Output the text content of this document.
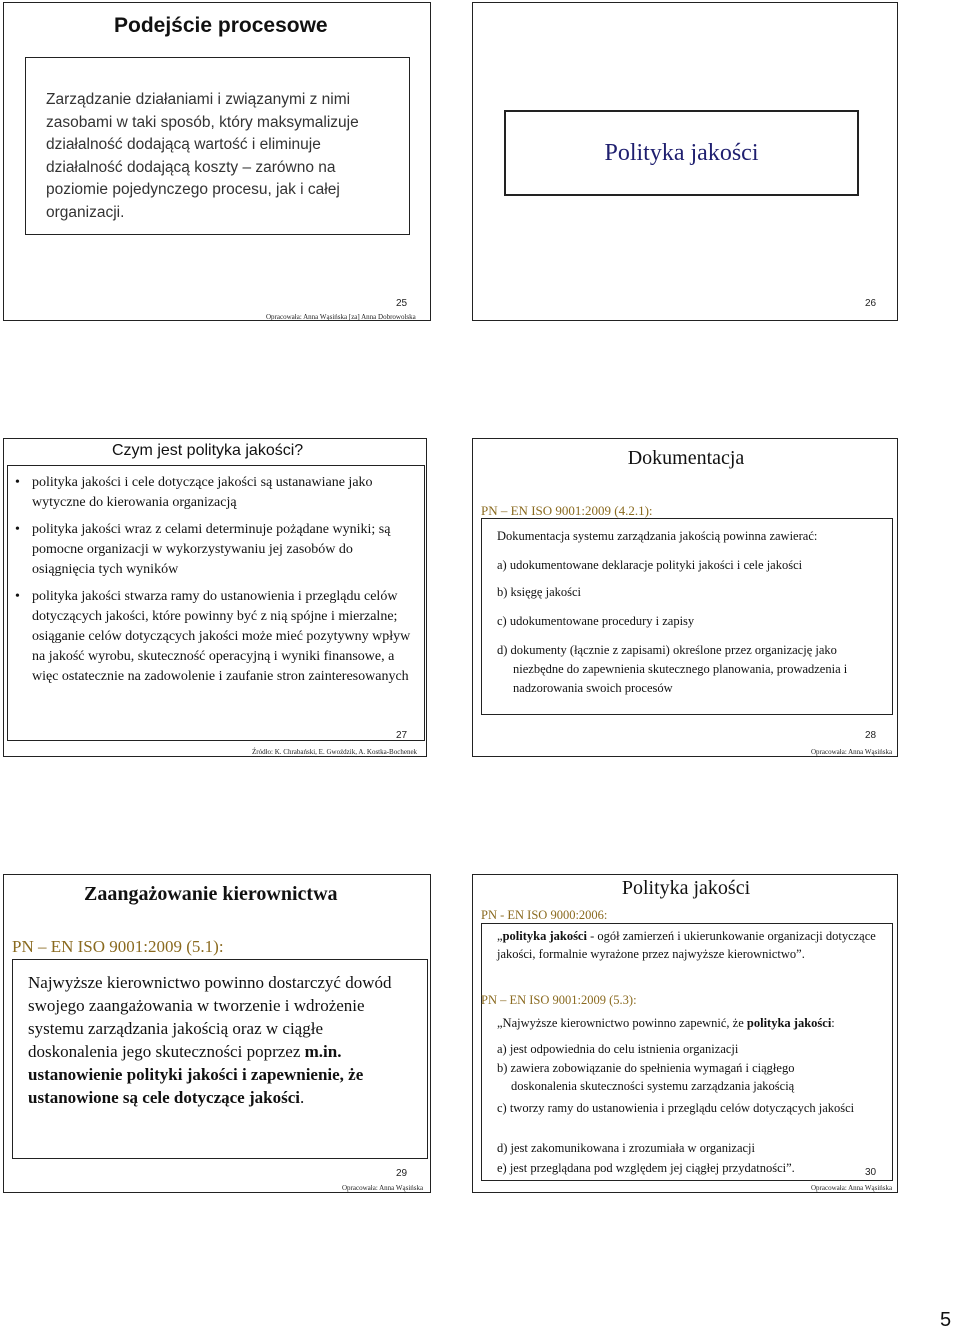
Podejście procesowe
Zarządzanie działaniami i związanymi z nimi zasobami w taki sposób, który maksymalizuje działalność dodającą wartość i eliminuje działalność dodającą koszty – zarówno na poziomie pojedynczego procesu, jak i całej organizacji.
25
Opracowała: Anna Wąsińska [za] Anna Dobrowolska
Polityka jakości
26
Czym jest polityka jakości?
• polityka jakości i cele dotyczące jakości są ustanawiane jako wytyczne do kierowania organizacją
• polityka jakości wraz z celami determinuje pożądane wyniki; są pomocne organizacji w wykorzystywaniu jej zasobów do osiągnięcia tych wyników
• polityka jakości stwarza ramy do ustanowienia i przeglądu celów dotyczących jakości, które powinny być z nią spójne i mierzalne; osiąganie celów dotyczących jakości może mieć pozytywny wpływ na jakość wyrobu, skuteczność operacyjną i wyniki finansowe, a więc ostatecznie na zadowolenie i zaufanie stron zainteresowanych
27
Źródło: K. Chrabański, E. Gwoździk, A. Kostka-Bochenek
Dokumentacja
PN – EN ISO 9001:2009 (4.2.1):
Dokumentacja systemu zarządzania jakością powinna zawierać:
a) udokumentowane deklaracje polityki jakości i cele jakości
b) księgę jakości
c) udokumentowane procedury i zapisy
d) dokumenty (łącznie z zapisami) określone przez organizację jako niezbędne do zapewnienia skutecznego planowania, prowadzenia i nadzorowania swoich procesów
28
Opracowała: Anna Wąsińska
Zaangażowanie kierownictwa
PN – EN ISO 9001:2009 (5.1):
Najwyższe kierownictwo powinno dostarczyć dowód swojego zaangażowania w tworzenie i wdrożenie systemu zarządzania jakością oraz w ciągłe doskonalenia jego skuteczności poprzez m.in. ustanowienie polityki jakości i zapewnienie, że ustanowione są cele dotyczące jakości.
29
Opracowała: Anna Wąsińska
Polityka jakości
PN - EN ISO 9000:2006:
„polityka jakości - ogół zamierzeń i ukierunkowanie organizacji dotyczące jakości, formalnie wyrażone przez najwyższe kierownictwo”.
PN – EN ISO 9001:2009 (5.3):
„Najwyższe kierownictwo powinno zapewnić, że polityka jakości:
a) jest odpowiednia do celu istnienia organizacji
b) zawiera zobowiązanie do spełnienia wymagań i ciągłego doskonalenia skuteczności systemu zarządzania jakością
c) tworzy ramy do ustanowienia i przeglądu celów dotyczących jakości
d) jest zakomunikowana i zrozumiała w organizacji
e) jest przeglądana pod względem jej ciągłej przydatności”.	30
Opracowała: Anna Wąsińska
5
